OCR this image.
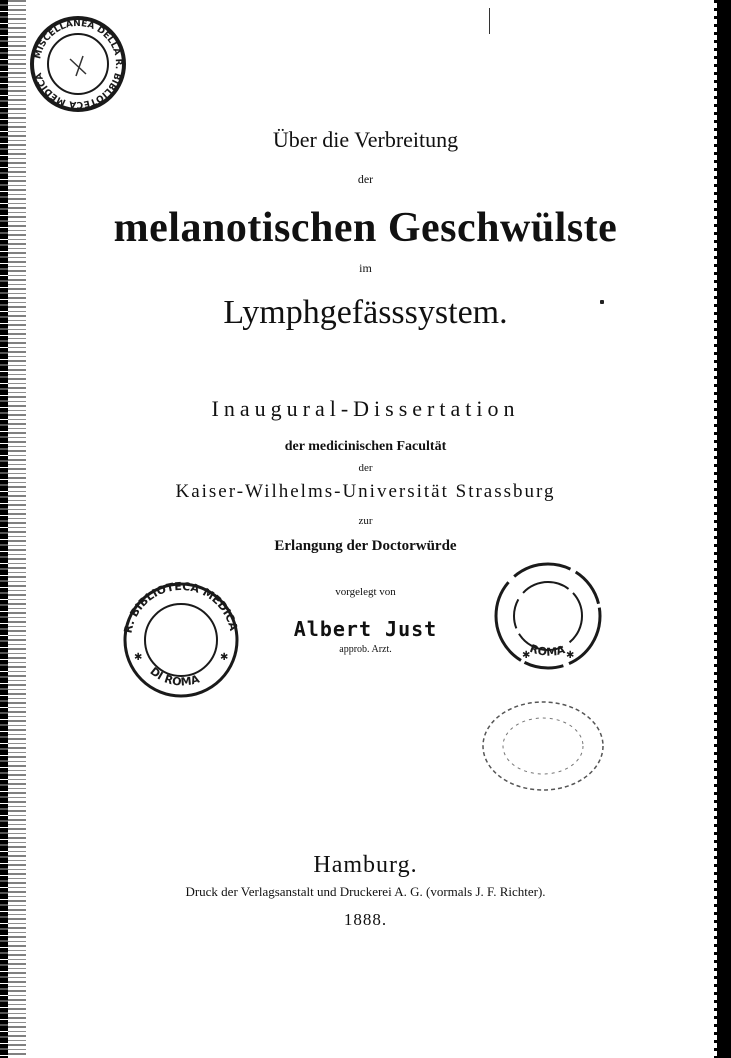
MISCELLANEA DELLA R. BIBLIOTECA MEDICA
R. BIBLIOTECA MEDICA
DI ROMA
✱	✱
ROMA
✱	✱
Über die Verbreitung
der
melanotischen Geschwülste
im
Lymphgefässsystem.
Inaugural-Dissertation
der medicinischen Facultät
der
Kaiser-Wilhelms-Universität Strassburg
zur
Erlangung der Doctorwürde
vorgelegt von
Albert Just
approb. Arzt.
Hamburg.
Druck der Verlagsanstalt und Druckerei A. G. (vormals J. F. Richter).
1888.
